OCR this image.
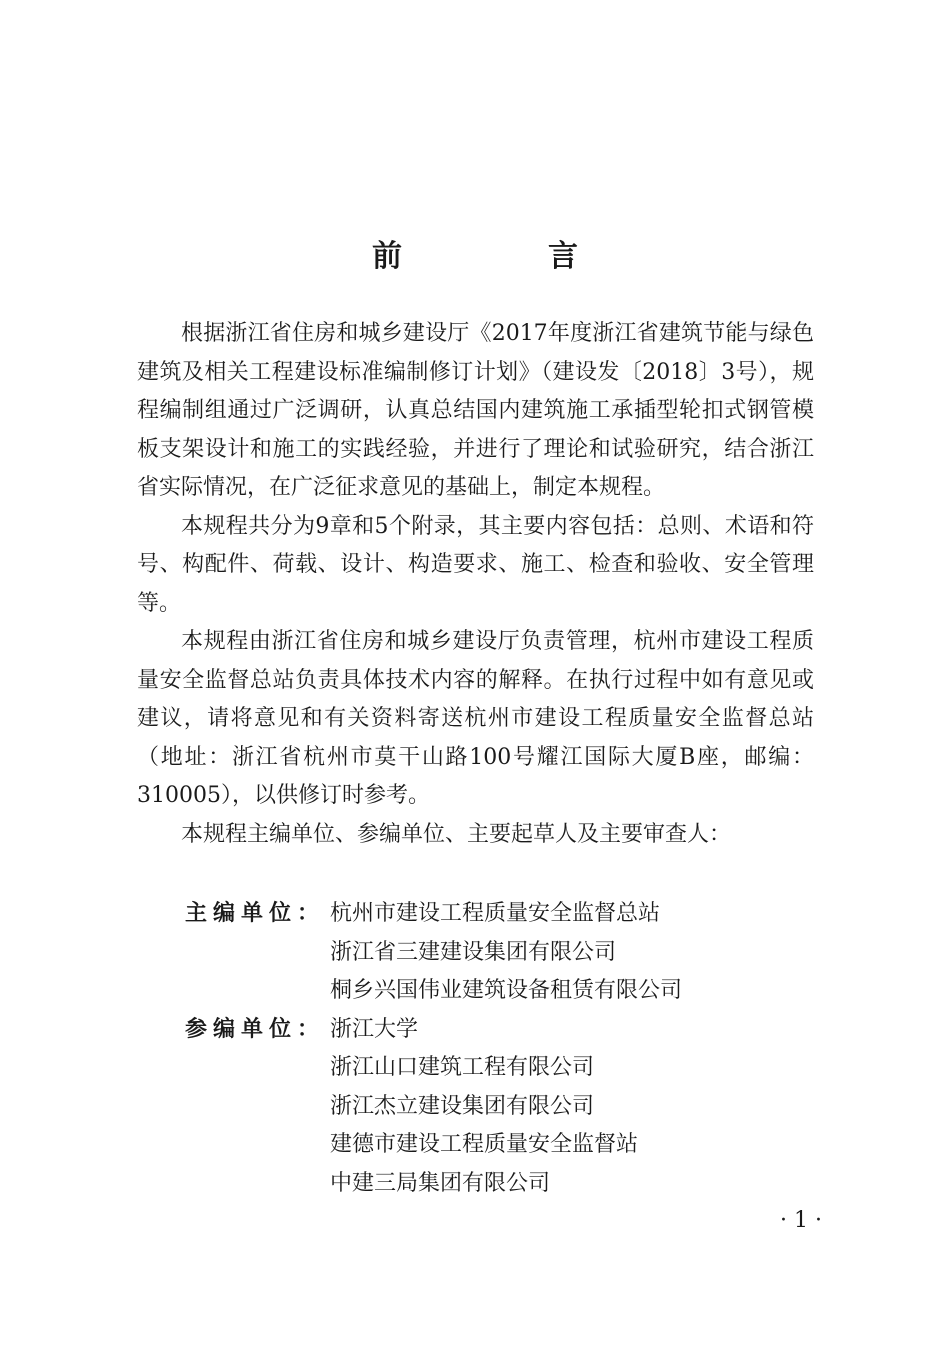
前　言

根据浙江省住房和城乡建设厅《2017年度浙江省建筑节能与绿色建筑及相关工程建设标准编制修订计划》（建设发〔2018〕3号），规程编制组通过广泛调研，认真总结国内建筑施工承插型轮扣式钢管模板支架设计和施工的实践经验，并进行了理论和试验研究，结合浙江省实际情况，在广泛征求意见的基础上，制定本规程。

本规程共分为9章和5个附录，其主要内容包括：总则、术语和符号、构配件、荷载、设计、构造要求、施工、检查和验收、安全管理等。

本规程由浙江省住房和城乡建设厅负责管理，杭州市建设工程质量安全监督总站负责具体技术内容的解释。在执行过程中如有意见或建议，请将意见和有关资料寄送杭州市建设工程质量安全监督总站（地址：浙江省杭州市莫干山路100号耀江国际大厦B座，邮编：310005），以供修订时参考。

本规程主编单位、参编单位、主要起草人及主要审查人：

主编单位： 杭州市建设工程质量安全监督总站
浙江省三建建设集团有限公司
桐乡兴国伟业建筑设备租赁有限公司
参编单位： 浙江大学
浙江山口建筑工程有限公司
浙江杰立建设集团有限公司
建德市建设工程质量安全监督站
中建三局集团有限公司
· 1 ·
